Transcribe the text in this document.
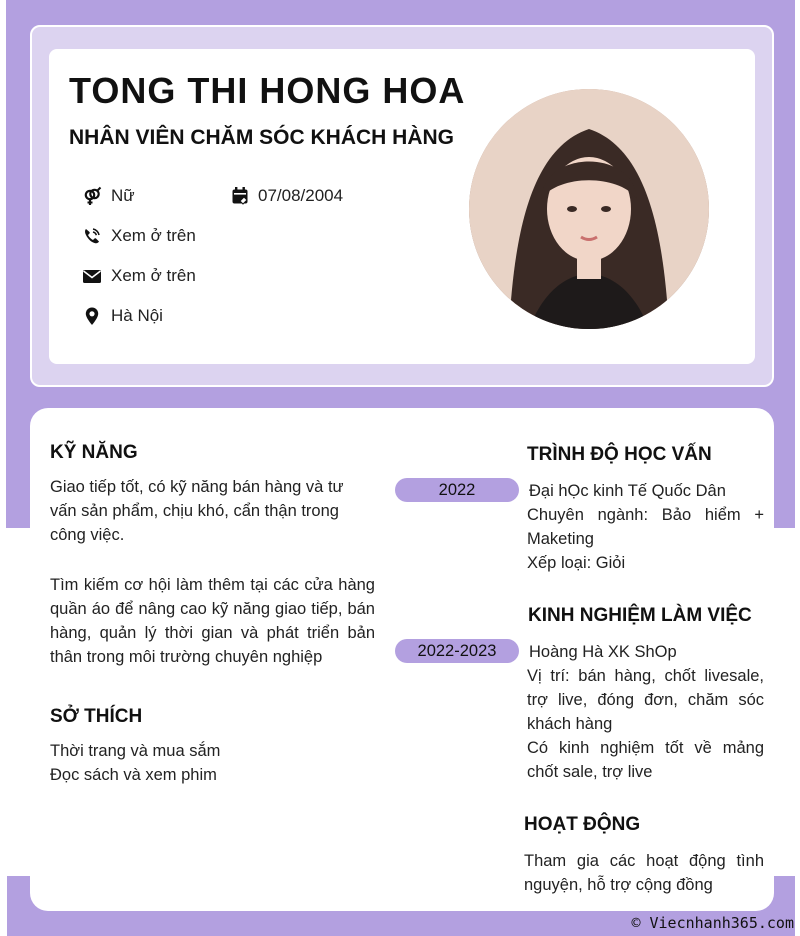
TONG THI HONG HOA
NHÂN VIÊN CHĂM SÓC KHÁCH HÀNG
Nữ	07/08/2004
Xem ở trên
Xem ở trên
Hà Nội
KỸ NĂNG

Giao tiếp tốt, có kỹ năng bán hàng và tư
vấn sản phẩm, chịu khó, cẩn thận trong
công việc.

Tìm kiếm cơ hội làm thêm tại các cửa hàng quần áo để nâng cao kỹ năng giao tiếp, bán hàng, quản lý thời gian và phát triển bản thân trong môi trường chuyên nghiệp

SỞ THÍCH

Thời trang và mua sắm
Đọc sách và xem phim

TRÌNH ĐỘ HỌC VẤN
2022	Đại hỌc kinh Tế Quốc Dân

Chuyên ngành: Bảo hiểm + Maketing

Xếp loại: Giỏi

KINH NGHIỆM LÀM VIỆC
2022-2023	Hoàng Hà XK ShOp

Vị trí: bán hàng, chốt livesale, trợ live, đóng đơn, chăm sóc khách hàng

Có kinh nghiệm tốt về mảng chốt sale, trợ live

HOẠT ĐỘNG

Tham gia các hoạt động tình nguyện, hỗ trợ cộng đồng

© Viecnhanh365.com
